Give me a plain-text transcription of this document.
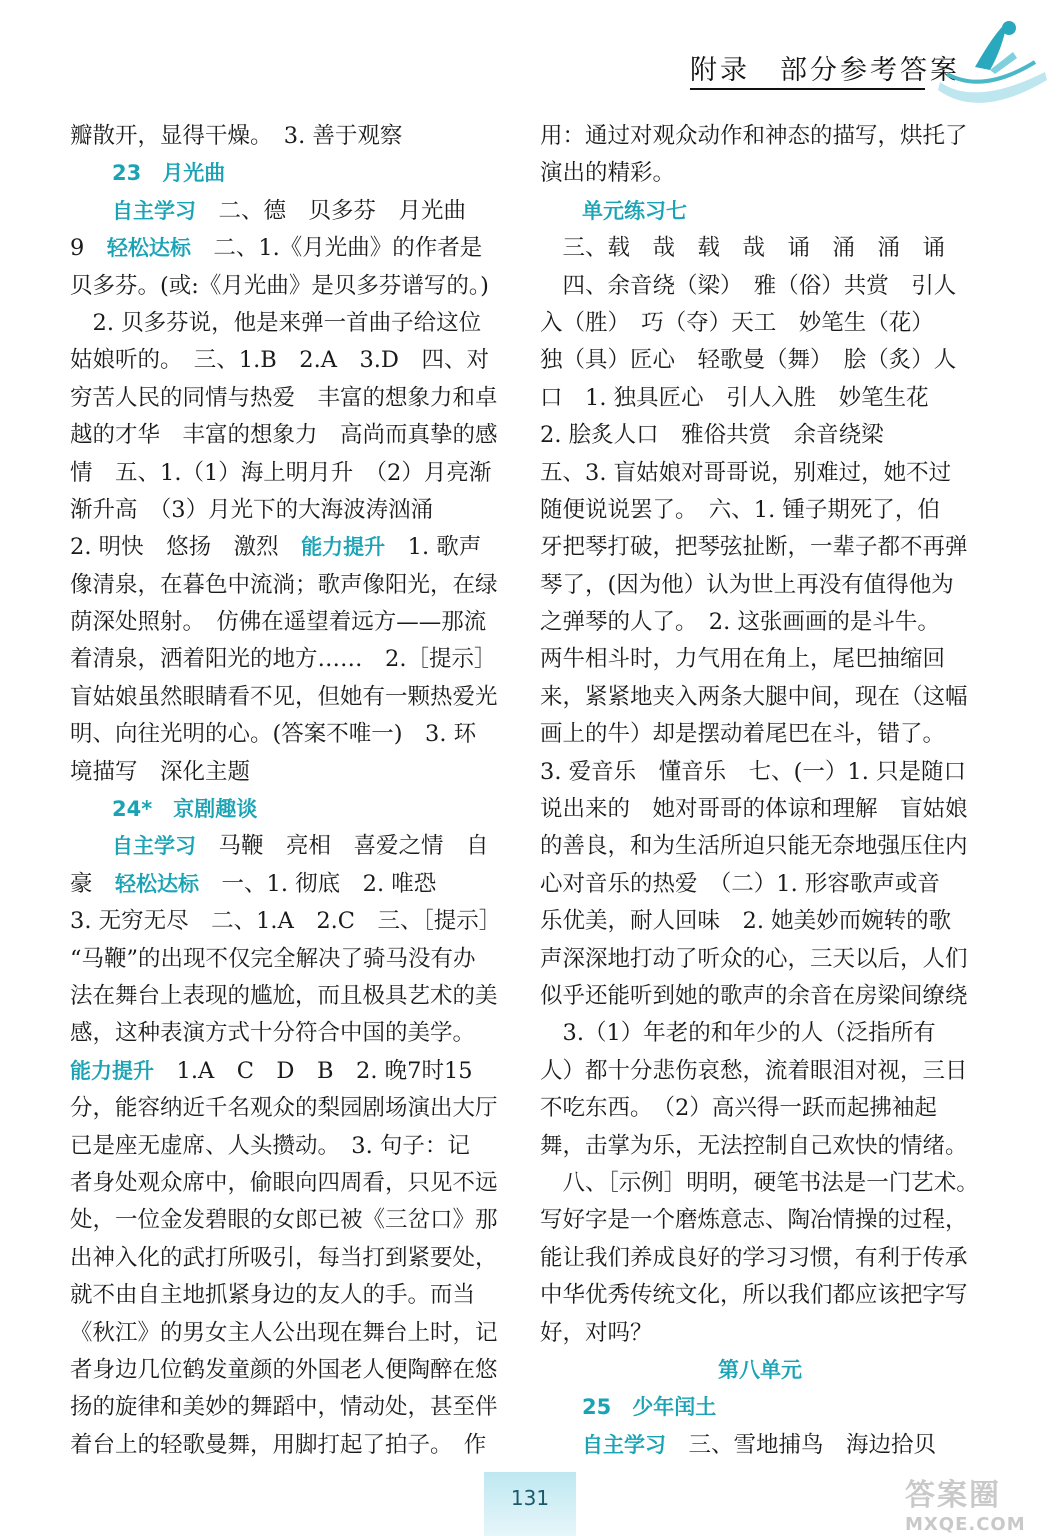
附录　部分参考答案
瓣散开，显得干燥。　3. 善于观察
　　23　月光曲
　　自主学习　二、德　贝多芬　月光曲
9　轻松达标　二、1.《月光曲》的作者是
贝多芬。(或:《月光曲》是贝多芬谱写的。)
　2. 贝多芬说，他是来弹一首曲子给这位
姑娘听的。　三、1.B　2.A　3.D　四、对
穷苦人民的同情与热爱　丰富的想象力和卓
越的才华　丰富的想象力　高尚而真挚的感
情　五、1.（1）海上明月升　（2）月亮渐
渐升高　（3）月光下的大海波涛汹涌
2. 明快　悠扬　激烈　能力提升　1. 歌声
像清泉，在暮色中流淌；歌声像阳光，在绿
荫深处照射。　仿佛在遥望着远方——那流
着清泉，洒着阳光的地方……　2.［提示］
盲姑娘虽然眼睛看不见，但她有一颗热爱光
明、向往光明的心。(答案不唯一)　3. 环
境描写　深化主题
　　24*　京剧趣谈
　　自主学习　马鞭　亮相　喜爱之情　自
豪　轻松达标　一、1. 彻底　2. 唯恐
3. 无穷无尽　二、1.A　2.C　三、［提示］
“马鞭”的出现不仅完全解决了骑马没有办
法在舞台上表现的尴尬，而且极具艺术的美
感，这种表演方式十分符合中国的美学。
能力提升　1.A　C　D　B　2. 晚7时15
分，能容纳近千名观众的梨园剧场演出大厅
已是座无虚席、人头攒动。　3. 句子：记
者身处观众席中，偷眼向四周看，只见不远
处，一位金发碧眼的女郎已被《三岔口》那
出神入化的武打所吸引，每当打到紧要处，
就不由自主地抓紧身边的友人的手。而当
《秋江》的男女主人公出现在舞台上时，记
者身边几位鹤发童颜的外国老人便陶醉在悠
扬的旋律和美妙的舞蹈中，情动处，甚至伴
着台上的轻歌曼舞，用脚打起了拍子。　作
用：通过对观众动作和神态的描写，烘托了
演出的精彩。
　　单元练习七
　三、载　哉　载　哉　诵　涌　涌　诵
　四、余音绕（梁）　雅（俗）共赏　引人
入（胜）　巧（夺）天工　妙笔生（花）
独（具）匠心　轻歌曼（舞）　脍（炙）人
口　1. 独具匠心　引人入胜　妙笔生花
2. 脍炙人口　雅俗共赏　余音绕梁
五、3. 盲姑娘对哥哥说，别难过，她不过
随便说说罢了。　六、1. 锺子期死了，伯
牙把琴打破，把琴弦扯断，一辈子都不再弹
琴了，(因为他）认为世上再没有值得他为
之弹琴的人了。　2. 这张画画的是斗牛。
两牛相斗时，力气用在角上，尾巴抽缩回
来，紧紧地夹入两条大腿中间，现在（这幅
画上的牛）却是摆动着尾巴在斗，错了。
3. 爱音乐　懂音乐　七、(一）1. 只是随口
说出来的　她对哥哥的体谅和理解　盲姑娘
的善良，和为生活所迫只能无奈地强压住内
心对音乐的热爱　（二）1. 形容歌声或音
乐优美，耐人回味　2. 她美妙而婉转的歌
声深深地打动了听众的心，三天以后，人们
似乎还能听到她的歌声的余音在房梁间缭绕
　3.（1）年老的和年少的人（泛指所有
人）都十分悲伤哀愁，流着眼泪对视，三日
不吃东西。　（2）高兴得一跃而起拂袖起
舞，击掌为乐，无法控制自己欢快的情绪。
　八、［示例］明明，硬笔书法是一门艺术。
写好字是一个磨炼意志、陶冶情操的过程，
能让我们养成良好的学习习惯，有利于传承
中华优秀传统文化，所以我们都应该把字写
好，对吗？
第八单元
　　25　少年闰土
　　自主学习　三、雪地捕鸟　海边拾贝
131	答案圈
MXQE.COM
